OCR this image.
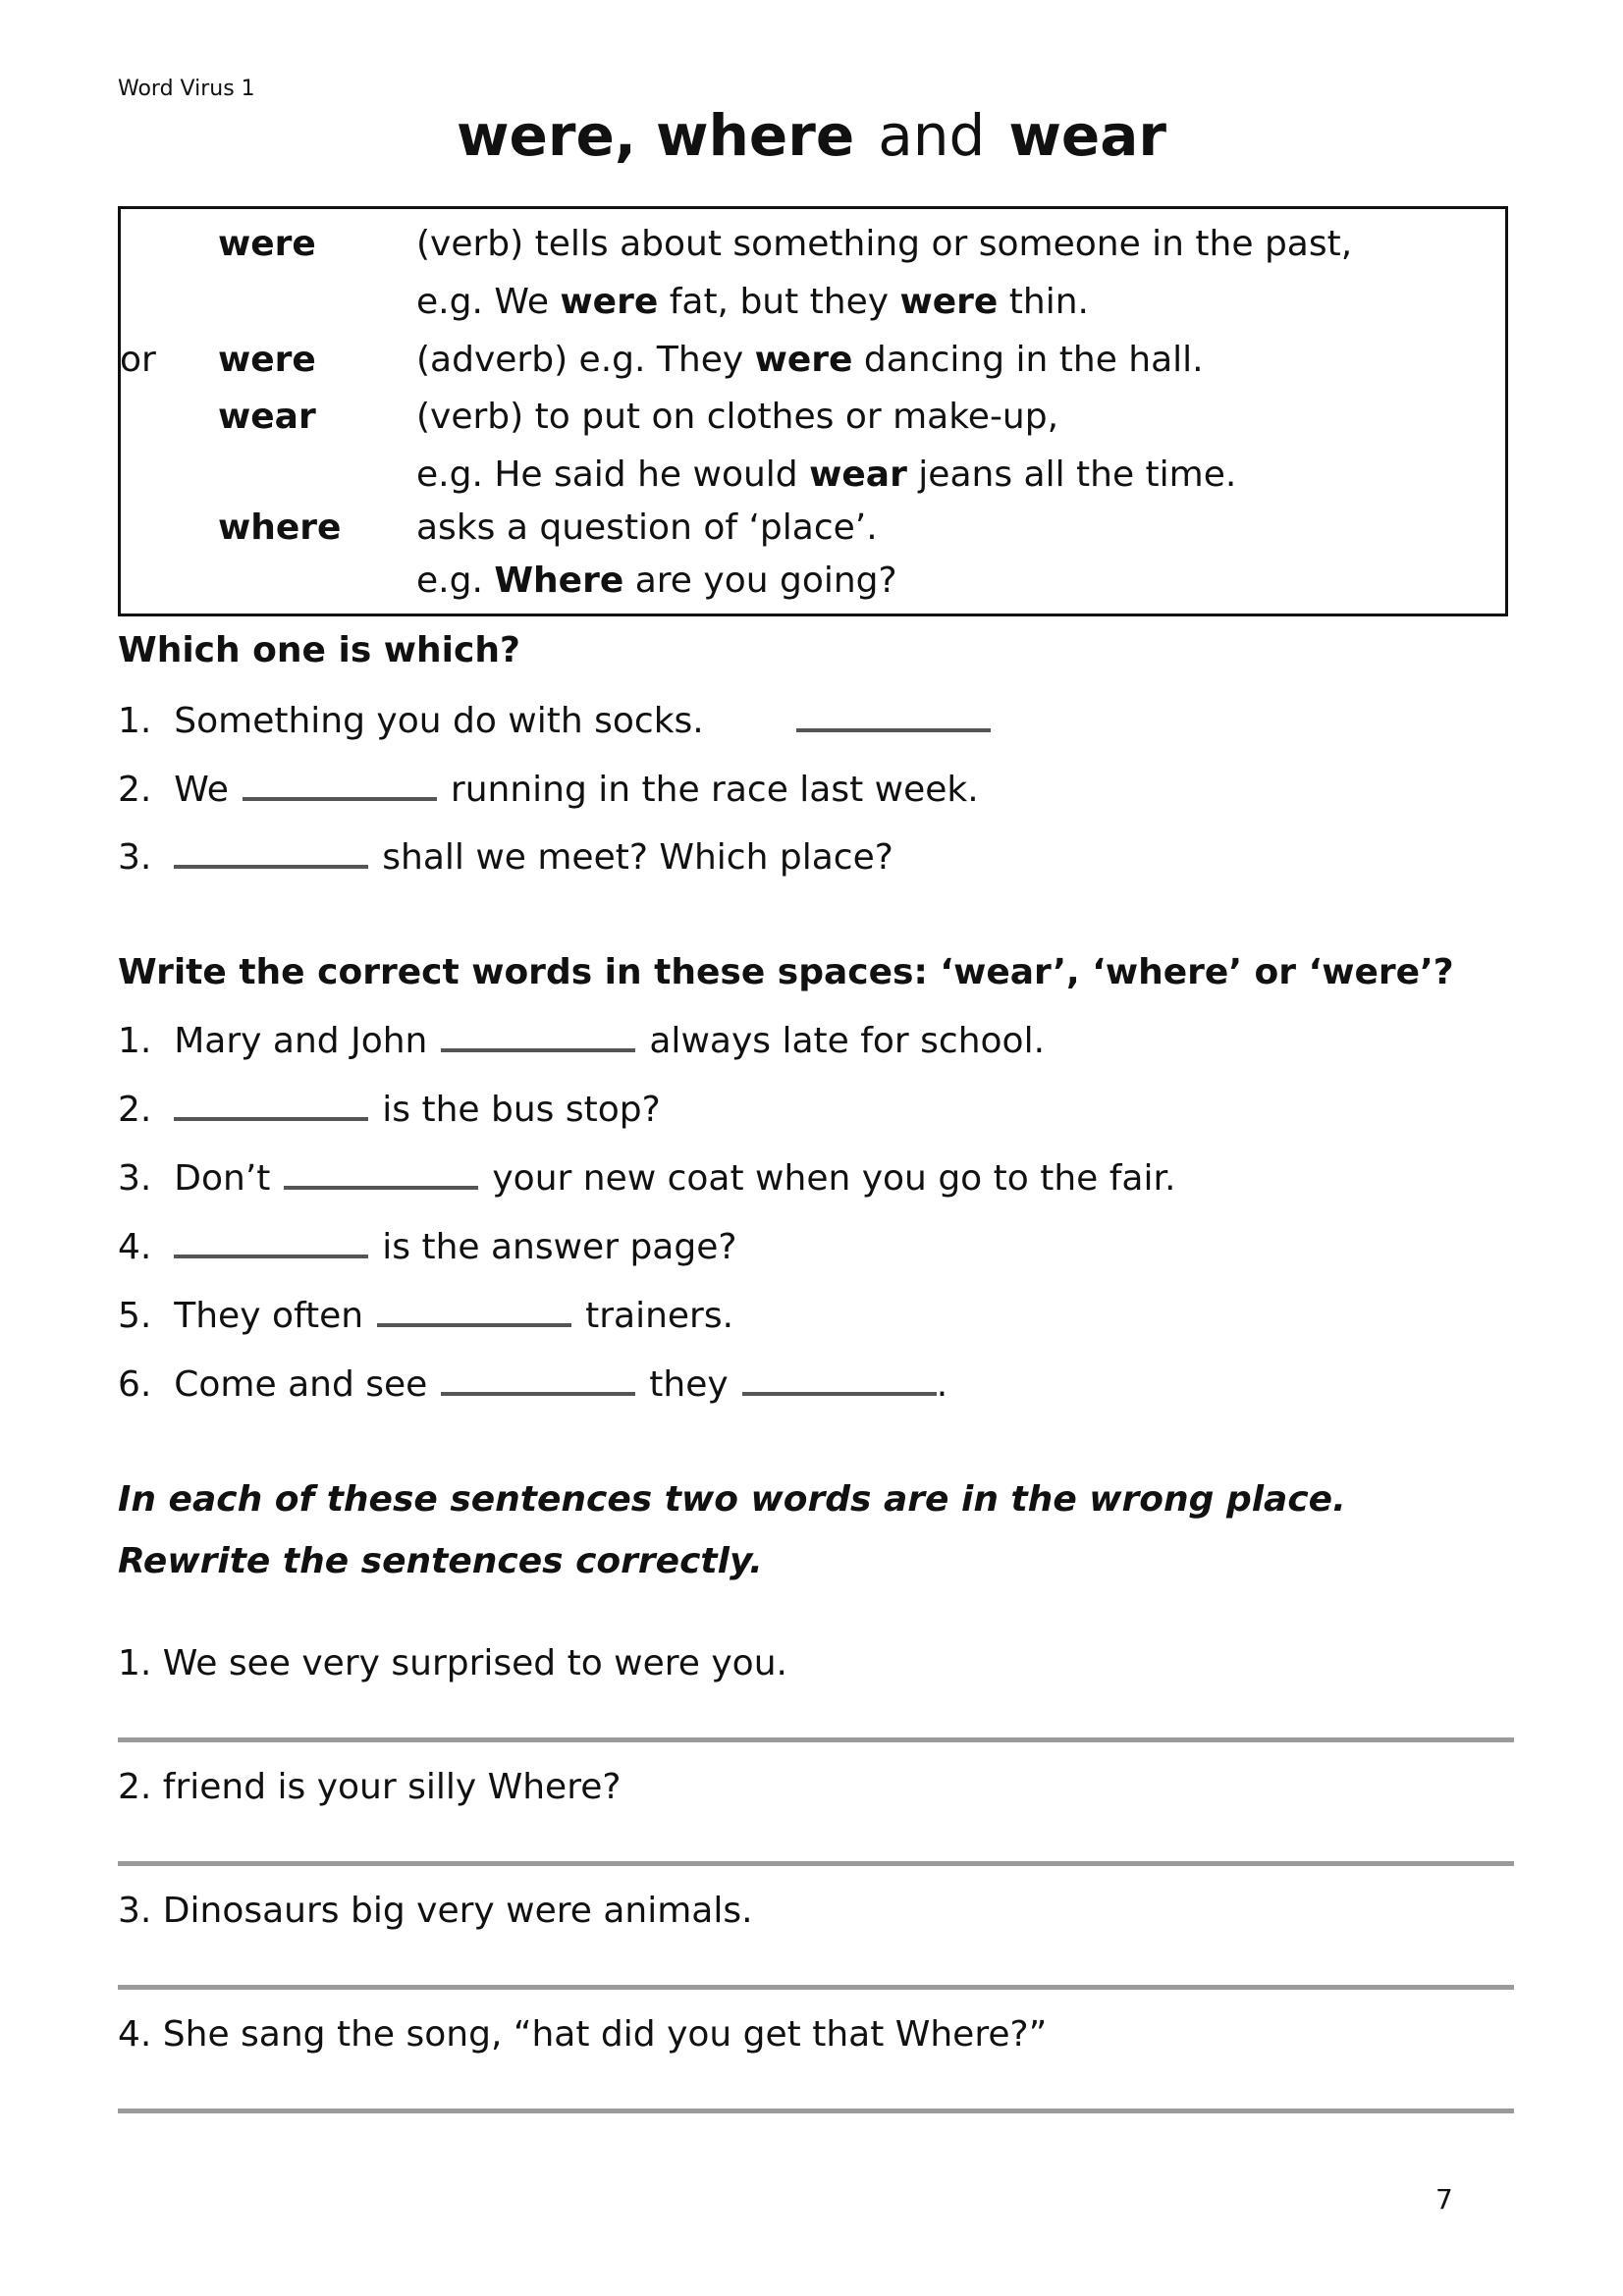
Word Virus 1
were, where and wear
were	(verb) tells about something or someone in the past,
e.g. We were fat, but they were thin.
or were	(adverb) e.g. They were dancing in the hall.
wear	(verb) to put on clothes or make-up,
e.g. He said he would wear jeans all the time.
where asks a question of ‘place’.
e.g. Where are you going?
Which one is which?
1. Something you do with socks.
2. We	running in the race last week.
3.	shall we meet? Which place?
Write the correct words in these spaces: ‘wear’, ‘where’ or ‘were’?
1. Mary and John	always late for school.
2.	is the bus stop?
3. Don’t	your new coat when you go to the fair.
4.	is the answer page?
5. They often	trainers.
6. Come and see	they	.
In each of these sentences two words are in the wrong place.
Rewrite the sentences correctly.
1. We see very surprised to were you.
2. friend is your silly Where?
3. Dinosaurs big very were animals.
4. She sang the song, “hat did you get that Where?”
7
